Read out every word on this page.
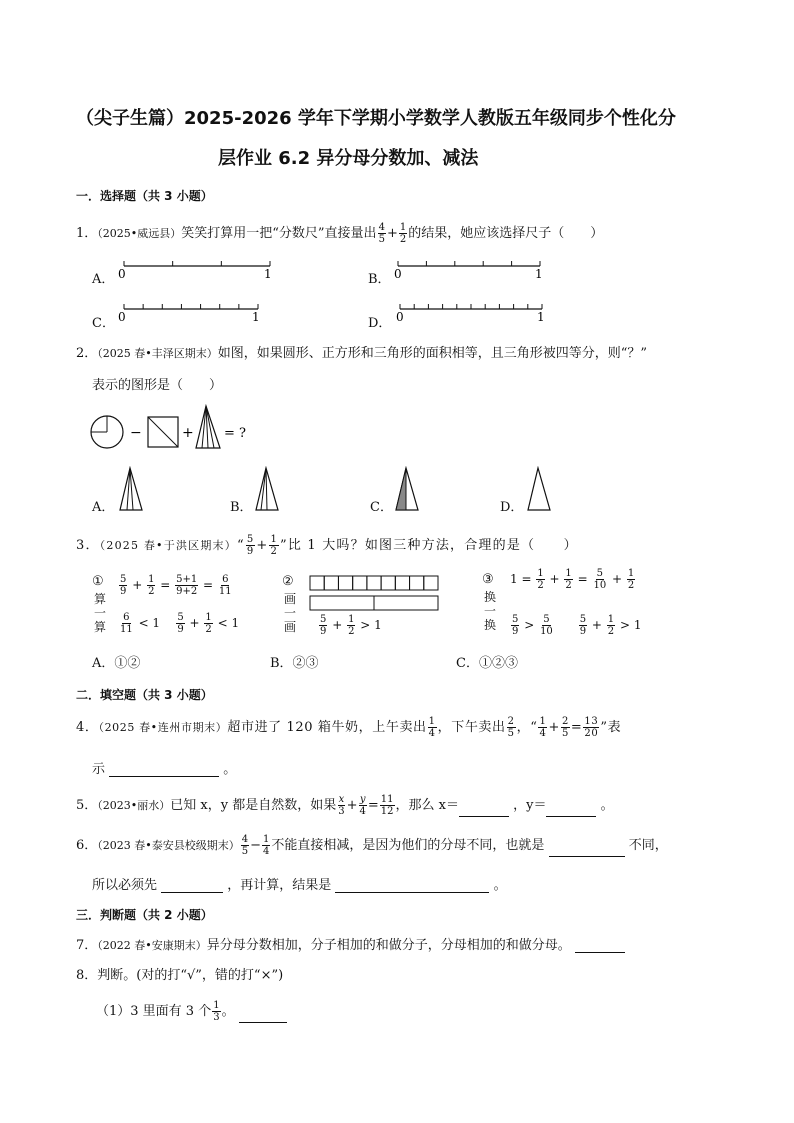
（尖子生篇）2025-2026 学年下学期小学数学人教版五年级同步个性化分
层作业 6.2 异分母分数加、减法
一．选择题（共 3 小题）
1．（2025•威远县）笑笑打算用一把“分数尺”直接量出 $\frac{4}{5} + \frac{1}{2}$ 的结果，她应该选择尺子（　　）
A． 0	1	B． 0	1
C． 0	1	D． 0	1
2．（2025 春•丰泽区期末）如图，如果圆形、正方形和三角形的面积相等，且三角形被四等分，则“？”
表示的图形是（　　）
−	+ = ?
A．	B．	C．	D．
3．（2025 春•于洪区期末）“ $\frac{5}{9} + \frac{1}{2}$ ”比 1 大吗？如图三种方法，合理的是（　　）
①
算一算
$\frac{5}{9} + \frac{1}{2} = \frac{5+1}{9+2} = \frac{6}{11}$
$\frac{6}{11} < 1 \frac{5}{9} + \frac{1}{2} < 1$
②
画一画 $\frac{5}{9} + \frac{1}{2} > 1$
③
换一换
$1 = \frac{1}{2} + \frac{1}{2} = \frac{5}{10} + \frac{1}{2}$
$\frac{5}{9} > \frac{5}{10}$
$\frac{5}{9} + \frac{1}{2} > 1$
A．①②	B．②③	C．①②③
二．填空题（共 3 小题）
4．（2025 春•连州市期末）超市进了 120 箱牛奶，上午卖出 $\frac{1}{4}$ ，下午卖出 $\frac{2}{5}$ ，“ $\frac{1}{4} + \frac{2}{5} = \frac{13}{20}$ ”表
示	。
5．（2023•丽水）已知 x，y 都是自然数，如果 $\frac{x}{3} + \frac{y}{4} = \frac{11}{12}$ ，那么 x＝	，y＝	。
6．（2023 春•泰安县校级期末） $\frac{4}{5} - \frac{1}{4}$ 不能直接相减，是因为他们的分母不同，也就是	不同，
所以必须先	，再计算，结果是	。
三．判断题（共 2 小题）
7．（2022 春•安康期末）异分母分数相加，分子相加的和做分子，分母相加的和做分母。
8．判断。(对的打“√”，错的打“×”)
（1）3 里面有 3 个 $\frac{1}{3}$ 。
